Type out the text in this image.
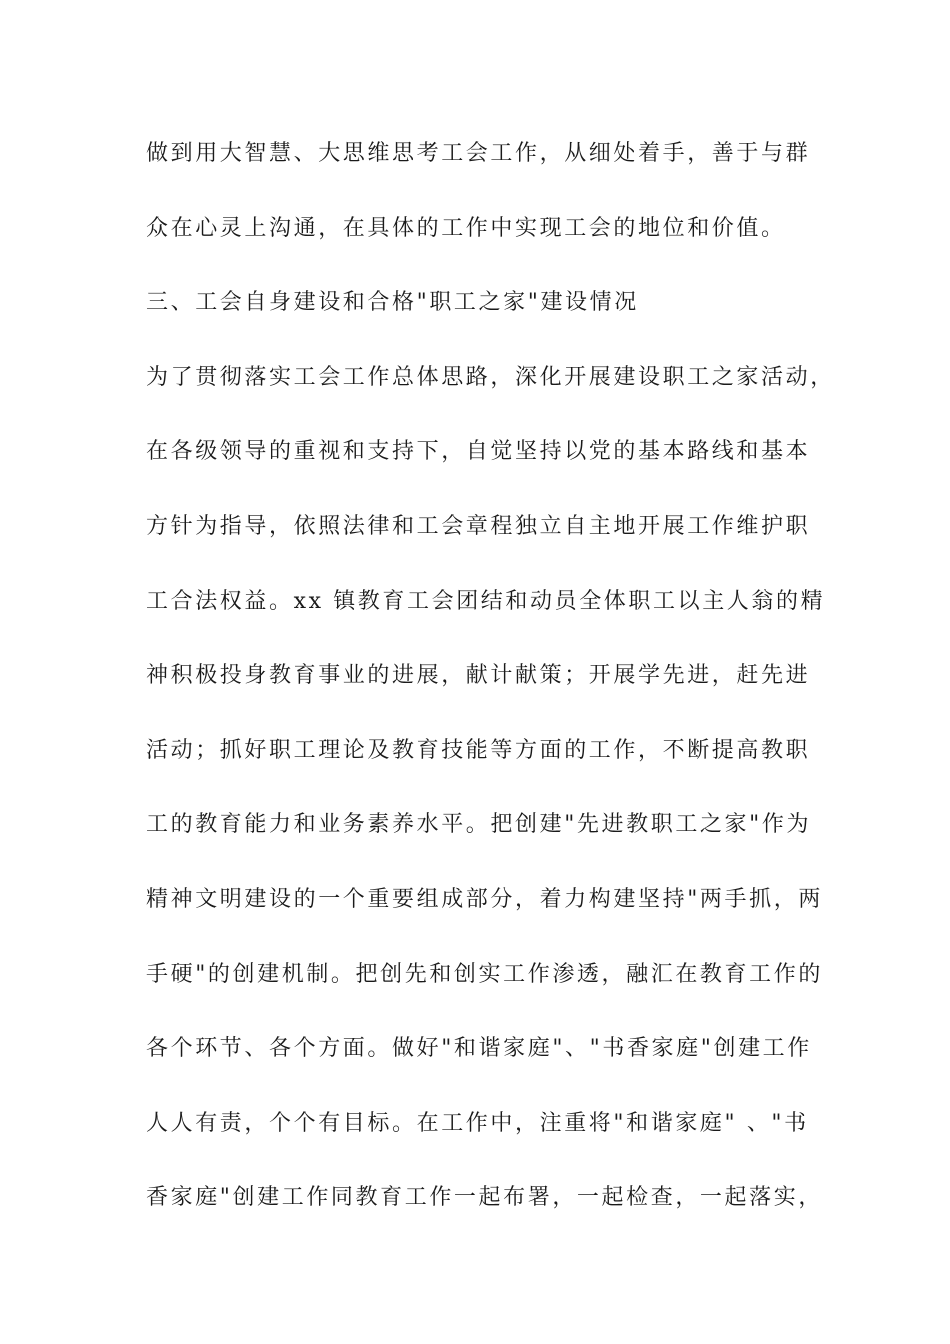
做到用大智慧、大思维思考工会工作，从细处着手，善于与群
众在心灵上沟通，在具体的工作中实现工会的地位和价值。
三、工会自身建设和合格"职工之家"建设情况
为了贯彻落实工会工作总体思路，深化开展建设职工之家活动，
在各级领导的重视和支持下，自觉坚持以党的基本路线和基本
方针为指导，依照法律和工会章程独立自主地开展工作维护职
工合法权益。xx 镇教育工会团结和动员全体职工以主人翁的精
神积极投身教育事业的进展，献计献策；开展学先进，赶先进
活动；抓好职工理论及教育技能等方面的工作，不断提高教职
工的教育能力和业务素养水平。把创建"先进教职工之家"作为
精神文明建设的一个重要组成部分，着力构建坚持"两手抓，两
手硬"的创建机制。把创先和创实工作渗透，融汇在教育工作的
各个环节、各个方面。做好"和谐家庭"、"书香家庭"创建工作
人人有责，个个有目标。在工作中，注重将"和谐家庭" 、"书
香家庭"创建工作同教育工作一起布署，一起检查，一起落实，
